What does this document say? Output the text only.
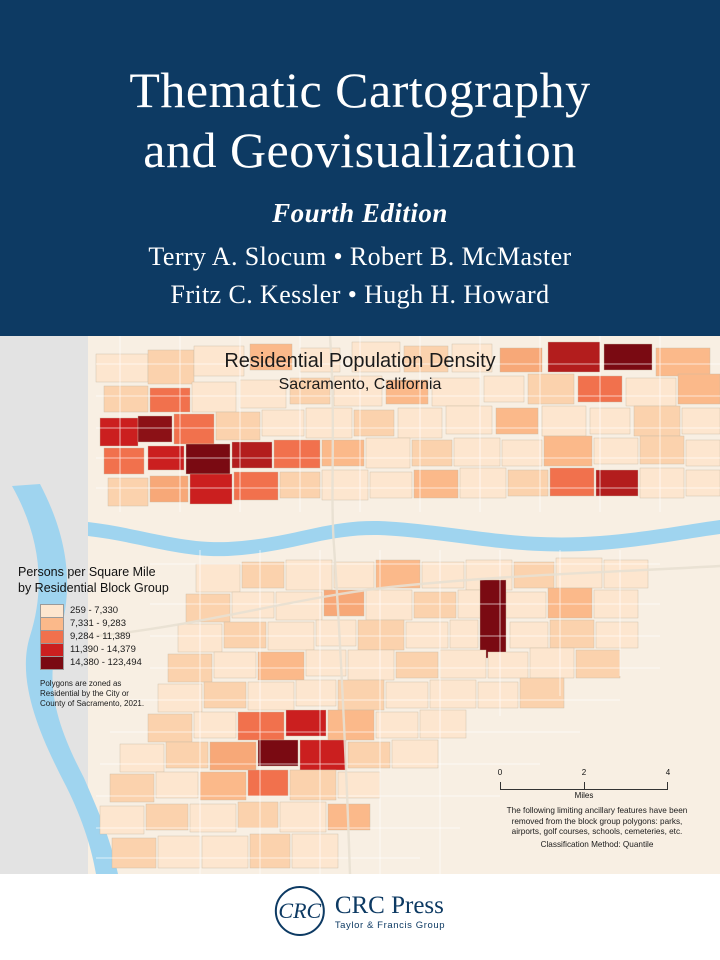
Thematic Cartography
and Geovisualization
Fourth Edition
Terry A. Slocum • Robert B. McMaster
Fritz C. Kessler • Hugh H. Howard
Residential Population Density
Sacramento, California
Persons per Square Mile
by Residential Block Group
259 - 7,330
7,331 - 9,283
9,284 - 11,389
11,390 - 14,379
14,380 - 123,494
Polygons are zoned as
Residential by the City or
County of Sacramento, 2021.
0	2	4
Miles
The following limiting ancillary features have been
removed from the block group polygons: parks,
airports, golf courses, schools, cemeteries, etc.
Classification Method: Quantile
CRC CRC Press
Taylor & Francis Group
